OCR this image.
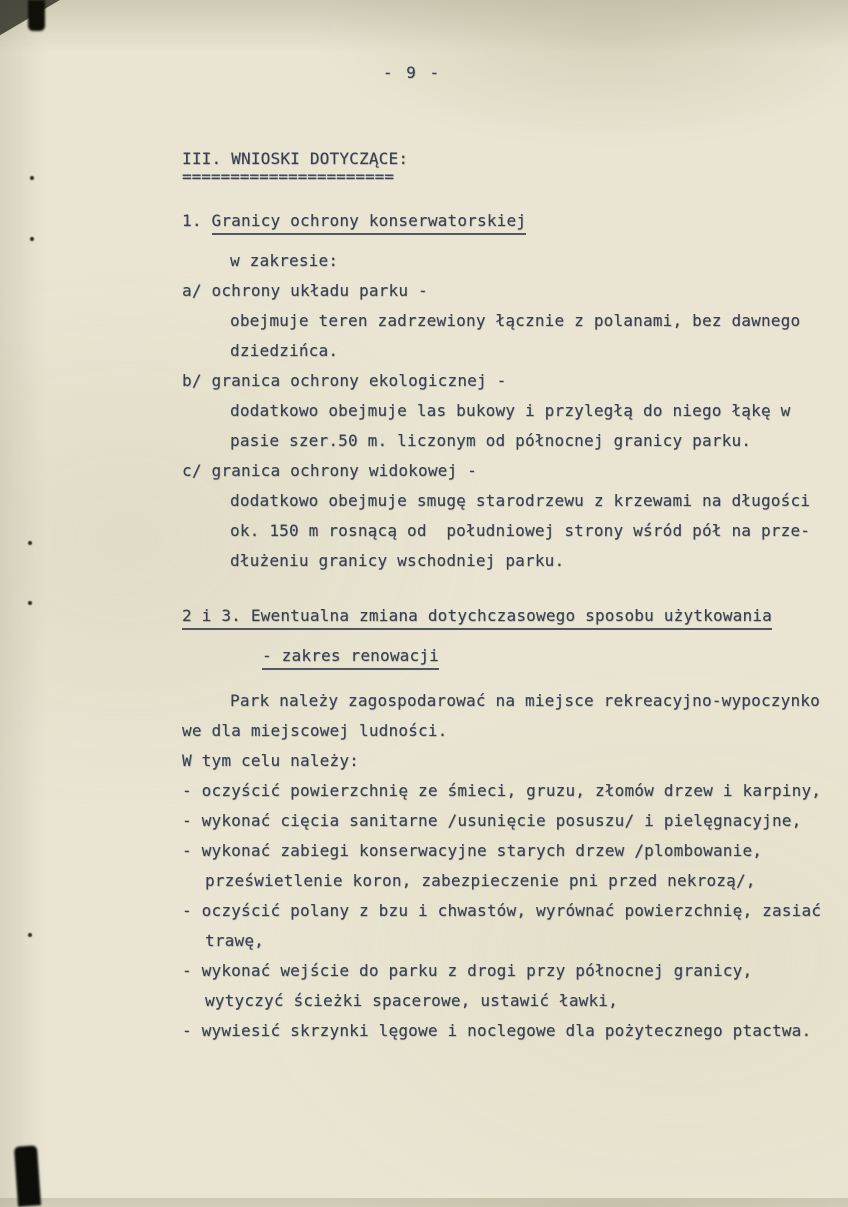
- 9 -
III. WNIOSKI DOTYCZĄCE:
======================
1. Granicy ochrony konserwatorskiej
w zakresie:
a/ ochrony układu parku -
obejmuje teren zadrzewiony łącznie z polanami, bez dawnego
dziedzińca.
b/ granica ochrony ekologicznej -
dodatkowo obejmuje las bukowy i przyległą do niego łąkę w
pasie szer.50 m. liczonym od północnej granicy parku.
c/ granica ochrony widokowej -
dodatkowo obejmuje smugę starodrzewu z krzewami na długości
ok. 150 m rosnącą od  południowej strony wśród pół na prze-
dłużeniu granicy wschodniej parku.
2 i 3. Ewentualna zmiana dotychczasowego sposobu użytkowania
- zakres renowacji
Park należy zagospodarować na miejsce rekreacyjno-wypoczynko
we dla miejscowej ludności.
W tym celu należy:
- oczyścić powierzchnię ze śmieci, gruzu, złomów drzew i karpiny,
- wykonać cięcia sanitarne /usunięcie posuszu/ i pielęgnacyjne,
- wykonać zabiegi konserwacyjne starych drzew /plombowanie,
prześwietlenie koron, zabezpieczenie pni przed nekrozą/,
- oczyścić polany z bzu i chwastów, wyrównać powierzchnię, zasiać
trawę,
- wykonać wejście do parku z drogi przy północnej granicy,
wytyczyć ścieżki spacerowe, ustawić ławki,
- wywiesić skrzynki lęgowe i noclegowe dla pożytecznego ptactwa.
